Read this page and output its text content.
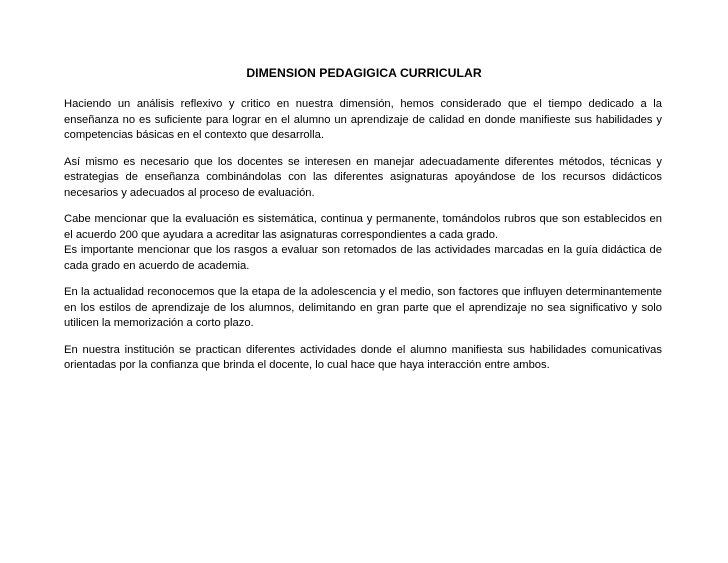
DIMENSION PEDAGIGICA CURRICULAR

Haciendo un análisis reflexivo y critico en nuestra dimensión, hemos considerado que el tiempo dedicado a la enseñanza no es suficiente para lograr en el alumno un aprendizaje de calidad en donde manifieste sus habilidades y competencias básicas en el contexto que desarrolla.

Así mismo es necesario que los docentes se interesen en manejar adecuadamente diferentes métodos, técnicas y estrategias de enseñanza combinándolas con las diferentes asignaturas apoyándose de los recursos didácticos necesarios y adecuados al proceso de evaluación.

Cabe mencionar que la evaluación es sistemática, continua y permanente, tomándolos rubros que son establecidos en el acuerdo 200 que ayudara a acreditar las asignaturas correspondientes a cada grado.

Es importante mencionar que los rasgos a evaluar son retomados de las actividades marcadas en la guía didáctica de cada grado en acuerdo de academia.

En la actualidad reconocemos que la etapa de la adolescencia y el medio, son factores que influyen determinantemente en los estilos de aprendizaje de los alumnos, delimitando en gran parte que el aprendizaje no sea significativo y solo utilicen la memorización a corto plazo.

En nuestra institución se practican diferentes actividades donde el alumno manifiesta sus habilidades comunicativas orientadas por la confianza que brinda el docente, lo cual hace que haya interacción entre ambos.
